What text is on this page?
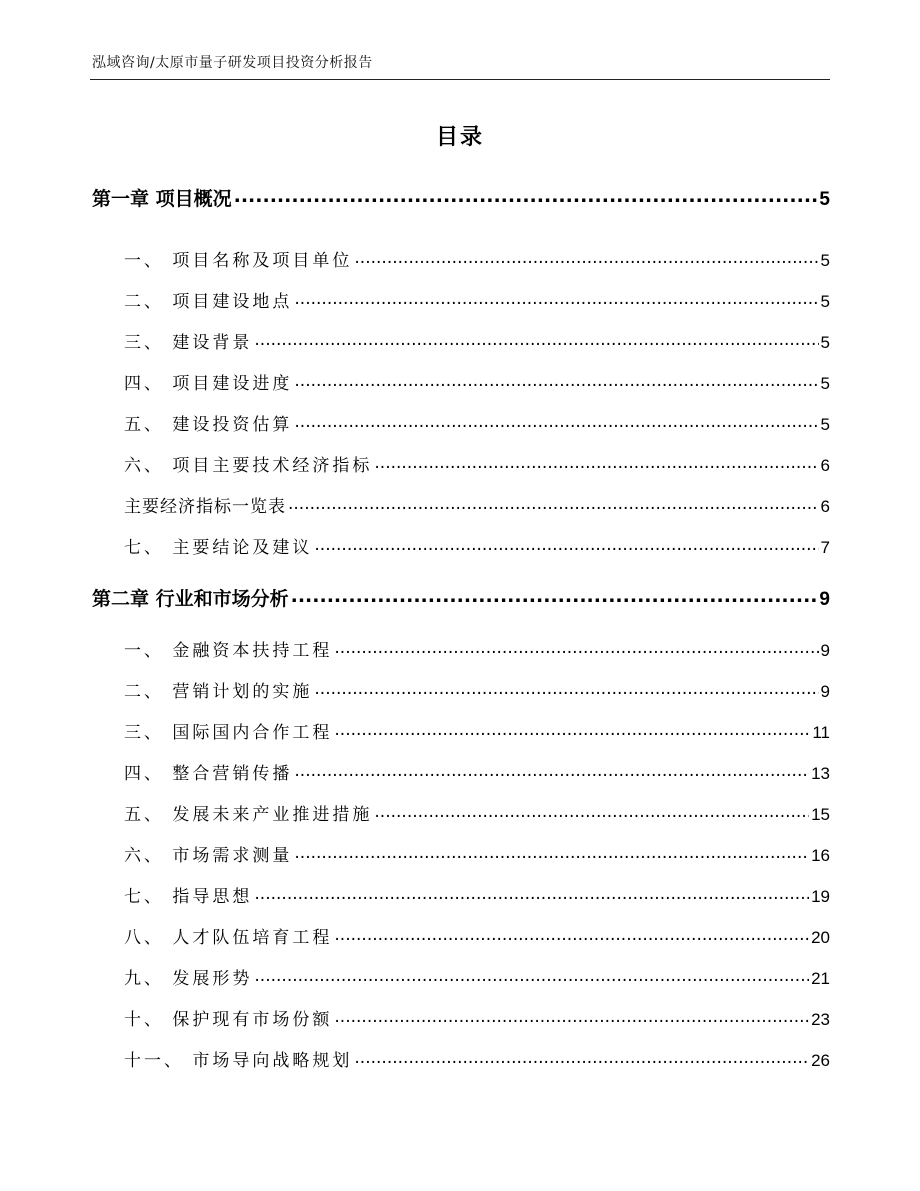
泓域咨询/太原市量子研发项目投资分析报告
目录
第一章 项目概况 .....	5
一、 项目名称及项目单位 .....	5
二、 项目建设地点 .....	5
三、 建设背景 .....	5
四、 项目建设进度 .....	5
五、 建设投资估算 .....	5
六、 项目主要技术经济指标 .....	6
主要经济指标一览表 .....	6
七、 主要结论及建议 .....	7
第二章 行业和市场分析 .....	9
一、 金融资本扶持工程 .....	9
二、 营销计划的实施 .....	9
三、 国际国内合作工程 .....	11
四、 整合营销传播 .....	13
五、 发展未来产业推进措施 .....	15
六、 市场需求测量 .....	16
七、 指导思想 .....	19
八、 人才队伍培育工程 .....	20
九、 发展形势 .....	21
十、 保护现有市场份额 .....	23
十一、 市场导向战略规划 .....	26
